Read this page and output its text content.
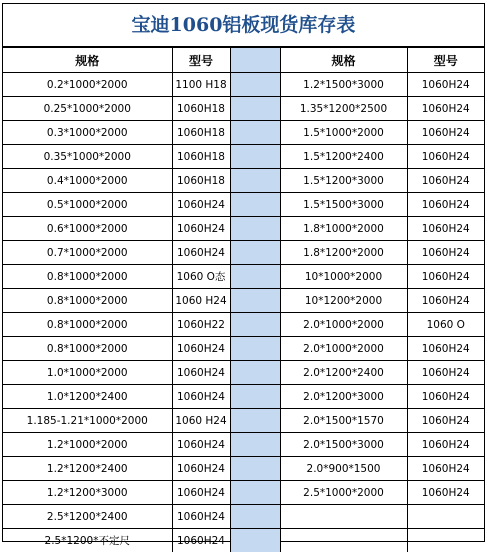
宝迪1060铝板现货库存表
规格	型号		规格	型号
0.2*1000*2000	1100 H18		1.2*1500*3000	1060H24
0.25*1000*2000	1060H18		1.35*1200*2500	1060H24
0.3*1000*2000	1060H18		1.5*1000*2000	1060H24
0.35*1000*2000	1060H18		1.5*1200*2400	1060H24
0.4*1000*2000	1060H18		1.5*1200*3000	1060H24
0.5*1000*2000	1060H24		1.5*1500*3000	1060H24
0.6*1000*2000	1060H24		1.8*1000*2000	1060H24
0.7*1000*2000	1060H24		1.8*1200*2000	1060H24
0.8*1000*2000	1060 O态		10*1000*2000	1060H24
0.8*1000*2000	1060 H24		10*1200*2000	1060H24
0.8*1000*2000	1060H22		2.0*1000*2000	1060 O
0.8*1000*2000	1060H24		2.0*1000*2000	1060H24
1.0*1000*2000	1060H24		2.0*1200*2400	1060H24
1.0*1200*2400	1060H24		2.0*1200*3000	1060H24
1.185-1.21*1000*2000	1060 H24		2.0*1500*1570	1060H24
1.2*1000*2000	1060H24		2.0*1500*3000	1060H24
1.2*1200*2400	1060H24		2.0*900*1500	1060H24
1.2*1200*3000	1060H24		2.5*1000*2000	1060H24
2.5*1200*2400	1060H24			
2.5*1200*不定尺	1060H24			
